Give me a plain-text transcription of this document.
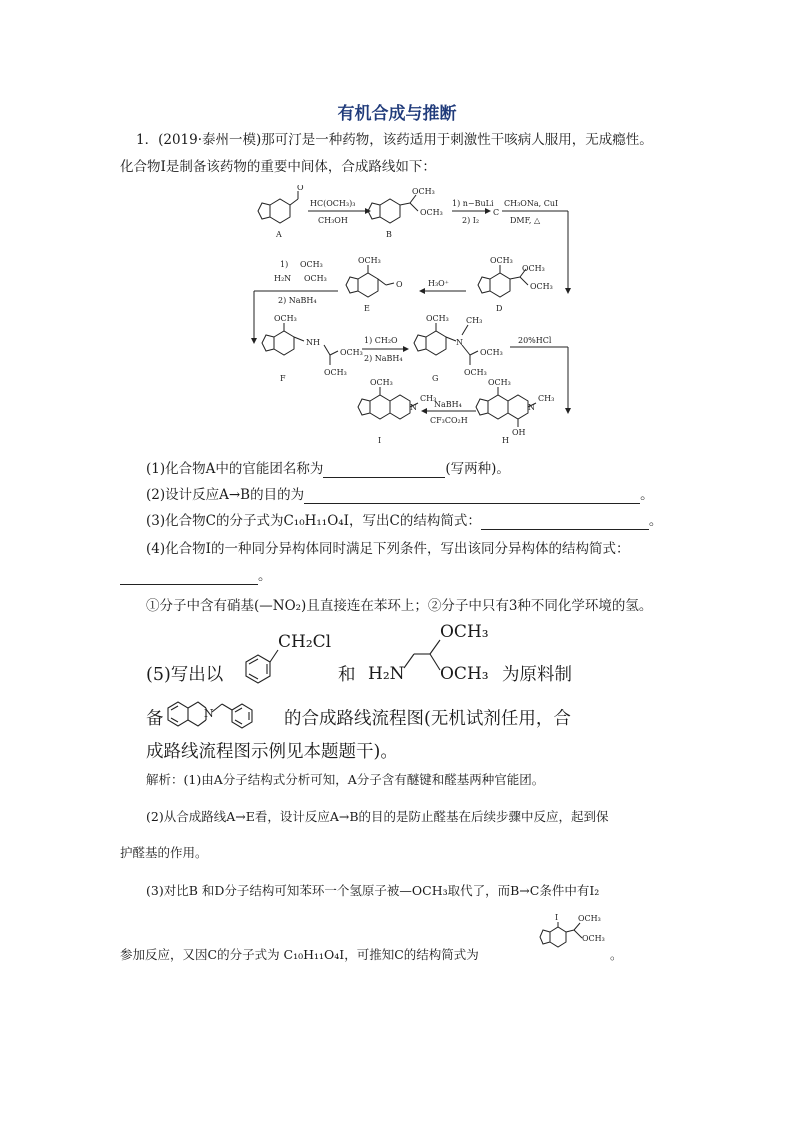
有机合成与推断
1．(2019·泰州一模)那可汀是一种药物，该药适用于刺激性干咳病人服用，无成瘾性。
化合物I是制备该药物的重要中间体，合成路线如下：
O
A
HC(OCH₃)₃
CH₃OH
OCH₃
OCH₃
B
1) n−BuLi
2) I₂
C
CH₃ONa, CuI
DMF, △
OCH₃
OCH₃
OCH₃
D
H₃O⁺
OCH₃
O
E
1) OCH₃
H₂N OCH₃
2) NaBH₄
OCH₃
NH
OCH₃
OCH₃
F
1) CH₂O
2) NaBH₄
OCH₃
N
CH₃
OCH₃
OCH₃
G
20%HCl
OCH₃
N
CH₃
OH
H
NaBH₄
CF₃CO₂H
OCH₃
N
CH₃
I
(1)化合物A中的官能团名称为	(写两种)。
(2)设计反应A→B的目的为	。
(3)化合物C的分子式为C₁₀H₁₁O₄I，写出C的结构简式：	。
(4)化合物I的一种同分异构体同时满足下列条件，写出该同分异构体的结构简式：
。
①分子中含有硝基(—NO₂)且直接连在苯环上；②分子中只有3种不同化学环境的氢。
(5)写出以
CH₂Cl
和 H₂N
OCH₃
OCH₃ 为原料制
备	N	的合成路线流程图(无机试剂任用，合
成路线流程图示例见本题题干)。
解析：(1)由A分子结构式分析可知，A分子含有醚键和醛基两种官能团。
(2)从合成路线A→E看，设计反应A→B的目的是防止醛基在后续步骤中反应，起到保
护醛基的作用。
(3)对比B 和D分子结构可知苯环一个氢原子被—OCH₃取代了，而B→C条件中有I₂
参加反应，又因C的分子式为 C₁₀H₁₁O₄I，可推知C的结构简式为
I OCH₃
OCH₃
。
